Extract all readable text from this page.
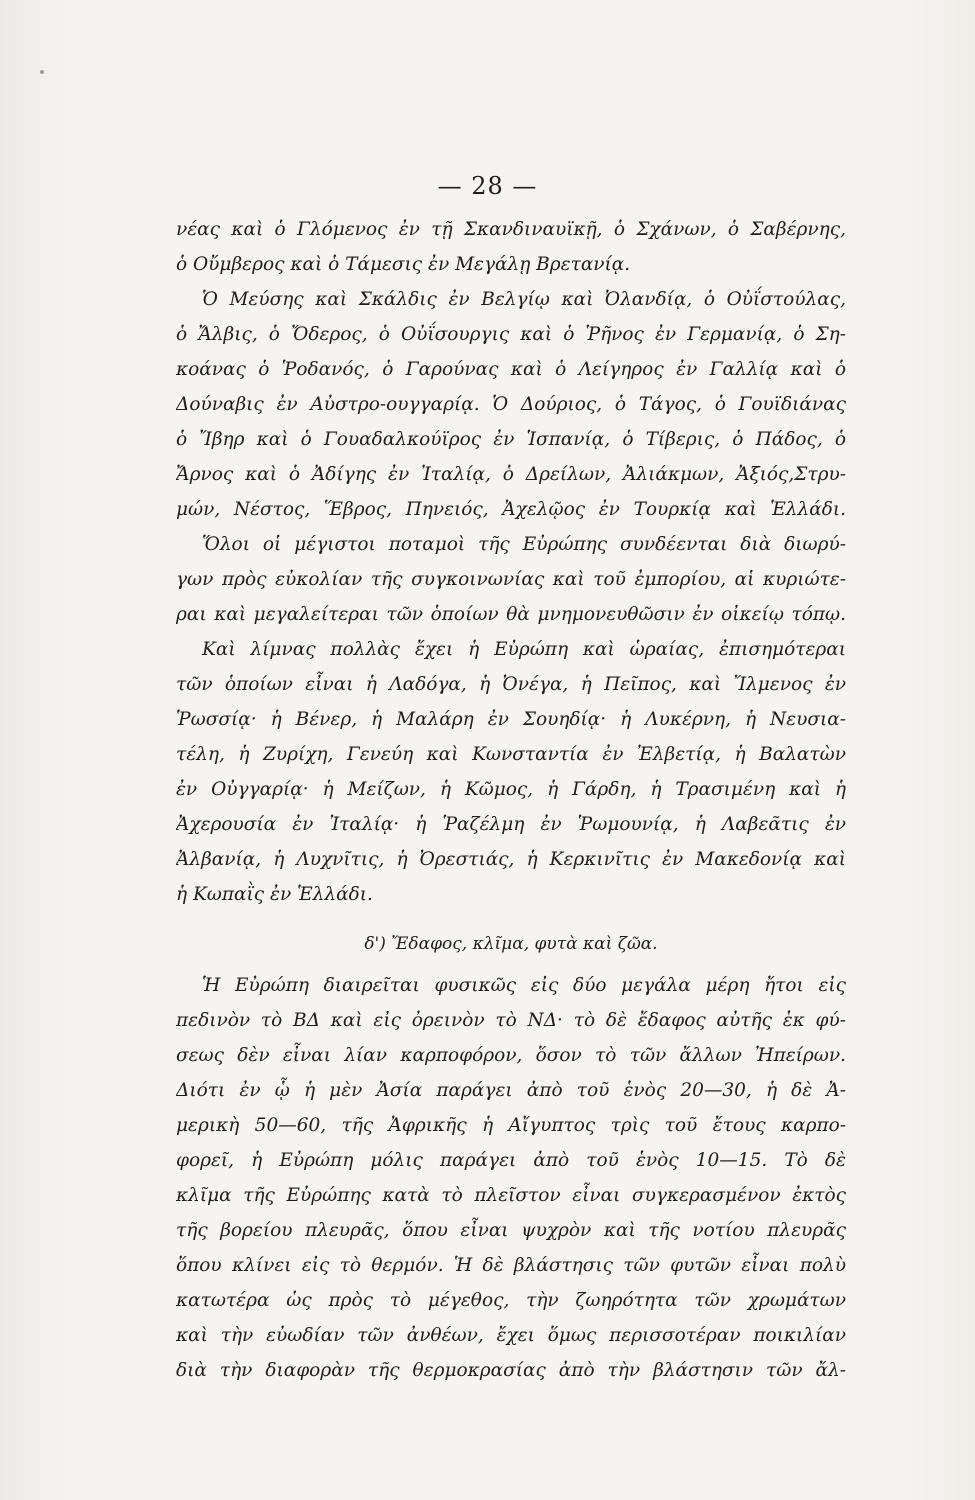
— 28 —
νέας καὶ ὁ Γλόμενος ἐν τῇ Σκανδιναυϊκῇ, ὁ Σχάνων, ὁ Σαβέρνης,
ὁ Οὔμβερος καὶ ὁ Τάμεσις ἐν Μεγάλῃ Βρετανίᾳ.
Ὁ Μεύσης καὶ Σκάλδις ἐν Βελγίῳ καὶ Ὀλανδίᾳ, ὁ Οὐΐστούλας,
ὁ Ἄλβις, ὁ Ὄδερος, ὁ Οὐΐσουργις καὶ ὁ Ῥῆνος ἐν Γερμανίᾳ, ὁ Ση-
κοάνας ὁ Ῥοδανός, ὁ Γαρούνας καὶ ὁ Λείγηρος ἐν Γαλλίᾳ καὶ ὁ
Δούναβις ἐν Αὐστρο-ουγγαρίᾳ. Ὁ Δούριος, ὁ Τάγος, ὁ Γουϊδιάνας
ὁ Ἴβηρ καὶ ὁ Γουαδαλκούϊρος ἐν Ἱσπανίᾳ, ὁ Τίβερις, ὁ Πάδος, ὁ
Ἄρνος καὶ ὁ Ἀδίγης ἐν Ἰταλίᾳ, ὁ Δρείλων, Ἀλιάκμων, Ἀξιός,Στρυ-
μών, Νέστος, Ἕβρος, Πηνειός, Ἀχελῷος ἐν Τουρκίᾳ καὶ Ἑλλάδι.
Ὅλοι οἱ μέγιστοι ποταμοὶ τῆς Εὐρώπης συνδέενται διὰ διωρύ-
γων πρὸς εὐκολίαν τῆς συγκοινωνίας καὶ τοῦ ἐμπορίου, αἱ κυριώτε-
ραι καὶ μεγαλείτεραι τῶν ὁποίων θὰ μνημονευθῶσιν ἐν οἰκείῳ τόπῳ.
Καὶ λίμνας πολλὰς ἔχει ἡ Εὐρώπη καὶ ὡραίας, ἐπισημότεραι
τῶν ὁποίων εἶναι ἡ Λαδόγα, ἡ Ὀνέγα, ἡ Πεῖπος, καὶ Ἴλμενος ἐν
Ῥωσσίᾳ· ἡ Βένερ, ἡ Μαλάρη ἐν Σουηδίᾳ· ἡ Λυκέρνη, ἡ Νευσια-
τέλη, ἡ Ζυρίχη, Γενεύη καὶ Κωνσταντία ἐν Ἐλβετίᾳ, ἡ Βαλατὼν
ἐν Οὐγγαρίᾳ· ἡ Μείζων, ἡ Κῶμος, ἡ Γάρδη, ἡ Τρασιμένη καὶ ἡ
Ἀχερουσία ἐν Ἰταλίᾳ· ἡ Ῥαζέλμη ἐν Ῥωμουνίᾳ, ἡ Λαβεᾶτις ἐν
Ἀλβανίᾳ, ἡ Λυχνῖτις, ἡ Ὀρεστιάς, ἡ Κερκινῖτις ἐν Μακεδονίᾳ καὶ
ἡ Κωπαῒς ἐν Ἑλλάδι.
δ') Ἔδαφος, κλῖμα, φυτὰ καὶ ζῶα.
Ἡ Εὐρώπη διαιρεῖται φυσικῶς εἰς δύο μεγάλα μέρη ἤτοι εἰς
πεδινὸν τὸ ΒΔ καὶ εἰς ὀρεινὸν τὸ ΝΔ· τὸ δὲ ἔδαφος αὐτῆς ἐκ φύ-
σεως δὲν εἶναι λίαν καρποφόρον, ὅσον τὸ τῶν ἄλλων Ἠπείρων.
Διότι ἐν ᾧ ἡ μὲν Ἀσία παράγει ἀπὸ τοῦ ἑνὸς 20—30, ἡ δὲ Ἀ-
μερικὴ 50—60, τῆς Ἀφρικῆς ἡ Αἴγυπτος τρὶς τοῦ ἔτους καρπο-
φορεῖ, ἡ Εὐρώπη μόλις παράγει ἀπὸ τοῦ ἑνὸς 10—15. Τὸ δὲ
κλῖμα τῆς Εὐρώπης κατὰ τὸ πλεῖστον εἶναι συγκερασμένον ἐκτὸς
τῆς βορείου πλευρᾶς, ὅπου εἶναι ψυχρὸν καὶ τῆς νοτίου πλευρᾶς
ὅπου κλίνει εἰς τὸ θερμόν. Ἡ δὲ βλάστησις τῶν φυτῶν εἶναι πολὺ
κατωτέρα ὡς πρὸς τὸ μέγεθος, τὴν ζωηρότητα τῶν χρωμάτων
καὶ τὴν εὐωδίαν τῶν ἀνθέων, ἔχει ὅμως περισσοτέραν ποικιλίαν
διὰ τὴν διαφορὰν τῆς θερμοκρασίας ἀπὸ τὴν βλάστησιν τῶν ἄλ-
